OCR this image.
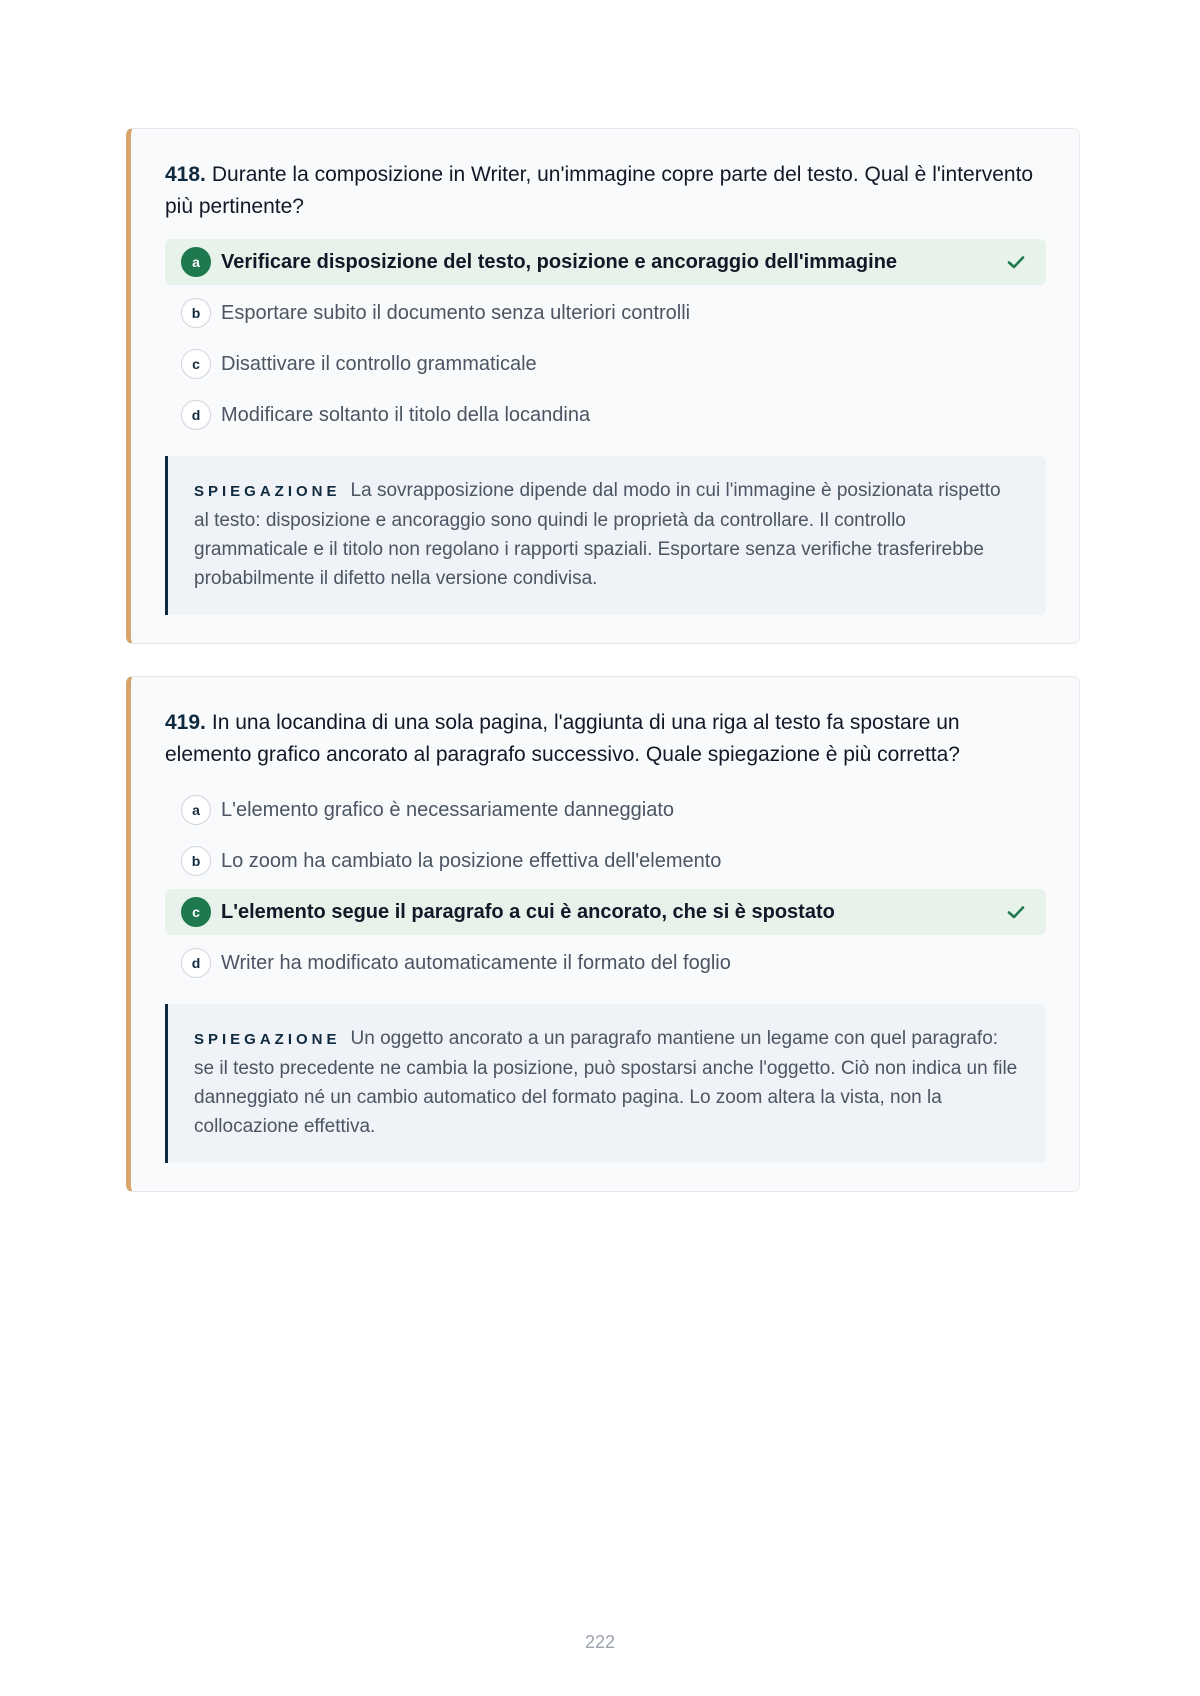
418. Durante la composizione in Writer, un'immagine copre parte del testo. Qual è l'intervento più pertinente?

a	Verificare disposizione del testo, posizione e ancoraggio dell'immagine
b	Esportare subito il documento senza ulteriori controlli
c	Disattivare il controllo grammaticale
d	Modificare soltanto il titolo della locandina
SPIEGAZIONE La sovrapposizione dipende dal modo in cui l'immagine è posizionata rispetto al testo: disposizione e ancoraggio sono quindi le proprietà da controllare. Il controllo grammaticale e il titolo non regolano i rapporti spaziali. Esportare senza verifiche trasferirebbe probabilmente il difetto nella versione condivisa.

419. In una locandina di una sola pagina, l'aggiunta di una riga al testo fa spostare un elemento grafico ancorato al paragrafo successivo. Quale spiegazione è più corretta?

a	L'elemento grafico è necessariamente danneggiato
b	Lo zoom ha cambiato la posizione effettiva dell'elemento
c	L'elemento segue il paragrafo a cui è ancorato, che si è spostato
d	Writer ha modificato automaticamente il formato del foglio
SPIEGAZIONE Un oggetto ancorato a un paragrafo mantiene un legame con quel paragrafo: se il testo precedente ne cambia la posizione, può spostarsi anche l'oggetto. Ciò non indica un file danneggiato né un cambio automatico del formato pagina. Lo zoom altera la vista, non la collocazione effettiva.
222
